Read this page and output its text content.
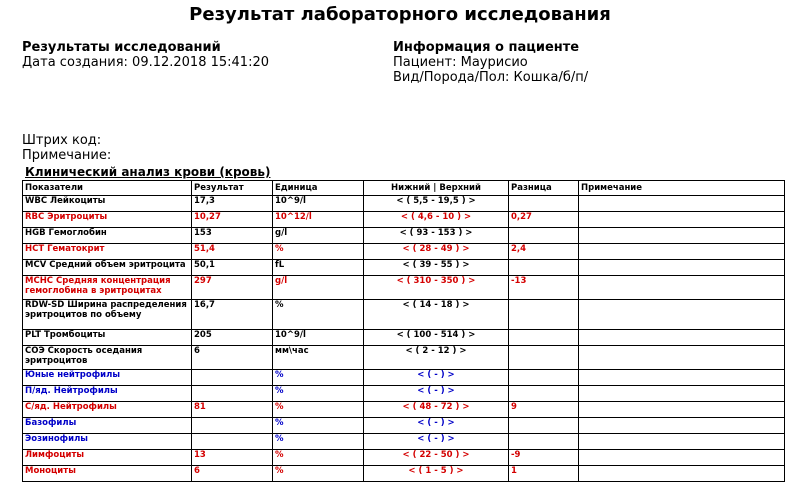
Результат лабораторного исследования
Результаты исследований
Дата создания: 09.12.2018 15:41:20
Информация о пациенте
Пациент: Маурисио
Вид/Порода/Пол: Кошка/б/п/
Штрих код:
Примечание:
Клинический анализ крови (кровь)
Показатели	Результат	Единица	Нижний | Верхний	Разница	Примечание
WBC Лейкоциты	17,3	10^9/l	< ( 5,5 - 19,5 ) >		
RBC Эритроциты	10,27	10^12/l	< ( 4,6 - 10 ) >	0,27	
HGB Гемоглобин	153	g/l	< ( 93 - 153 ) >		
HCT Гематокрит	51,4	%	< ( 28 - 49 ) >	2,4	
MCV Средний объем эритроцита	50,1	fL	< ( 39 - 55 ) >		
MCHC Средняя концентрация гемоглобина в эритроцитах	297	g/l	< ( 310 - 350 ) >	-13	
RDW-SD Ширина распределения эритроцитов по объему	16,7	%	< ( 14 - 18 ) >		
PLT Тромбоциты	205	10^9/l	< ( 100 - 514 ) >		
СОЭ Скорость оседания эритроцитов	6	мм\час	< ( 2 - 12 ) >		
Юные нейтрофилы		%	< ( - ) >		
П/яд. Нейтрофилы		%	< ( - ) >		
С/яд. Нейтрофилы	81	%	< ( 48 - 72 ) >	9	
Базофилы		%	< ( - ) >		
Эозинофилы		%	< ( - ) >		
Лимфоциты	13	%	< ( 22 - 50 ) >	-9	
Моноциты	6	%	< ( 1 - 5 ) >	1	
